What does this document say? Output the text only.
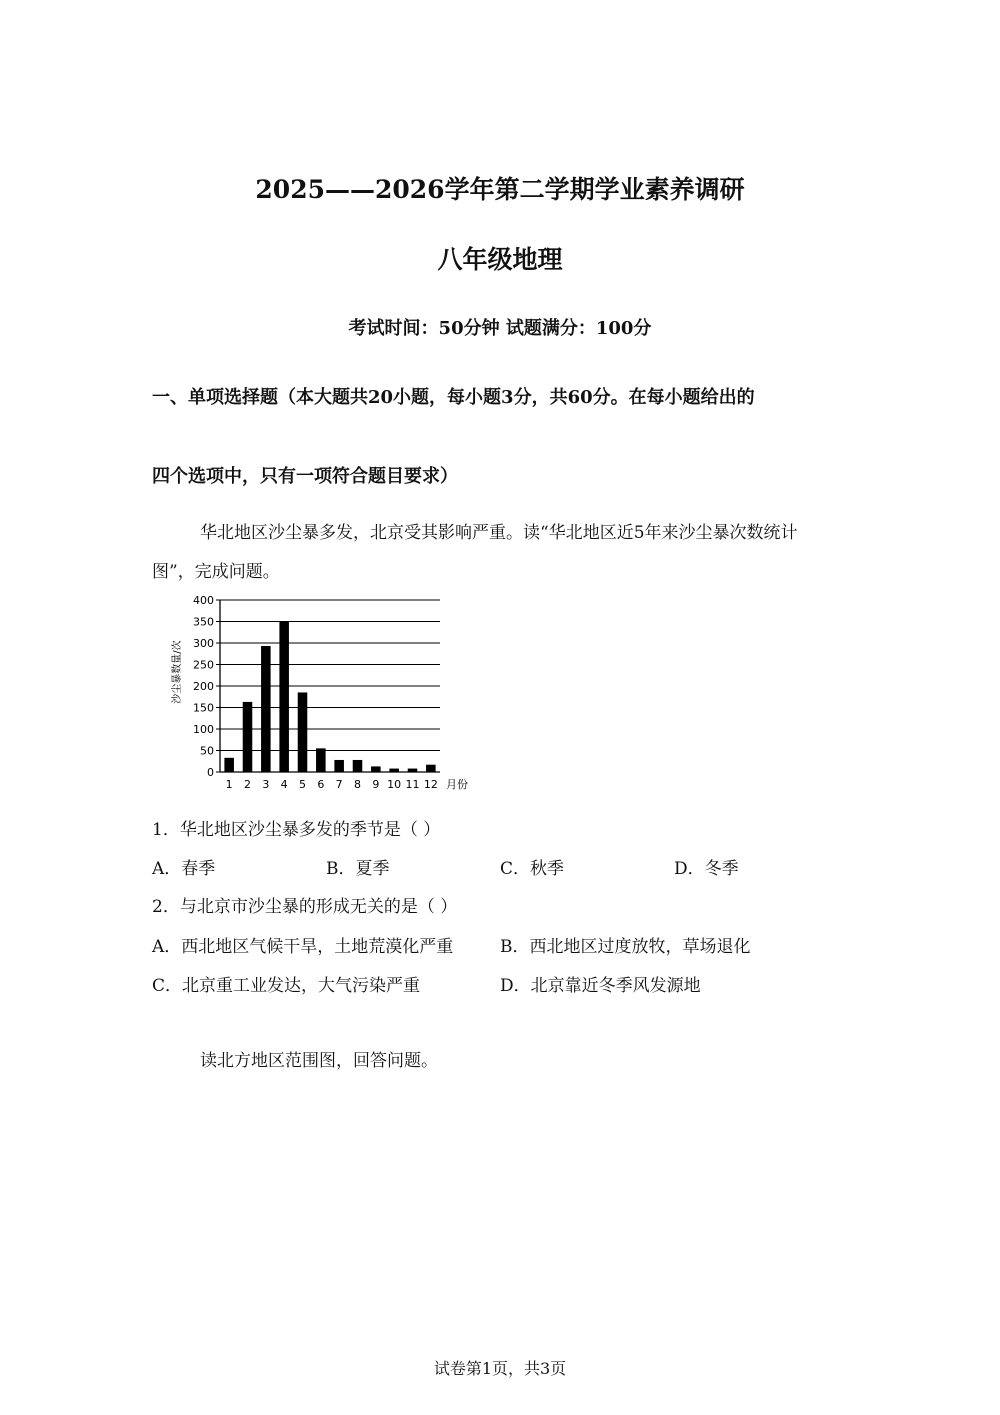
2025——2026学年第二学期学业素养调研
八年级地理
考试时间：50分钟 试题满分：100分
一、单项选择题（本大题共20小题，每小题3分，共60分。在每小题给出的
四个选项中，只有一项符合题目要求）
华北地区沙尘暴多发，北京受其影响严重。读“华北地区近5年来沙尘暴次数统计
图”，完成问题。
0
50
100
150
200
250
300
350
400
1 2 3 4 5 6 7 8 9 10 11 12
沙尘暴数量/次
月份
1．华北地区沙尘暴多发的季节是（ ）
A．春季	B．夏季	C．秋季	D．冬季
2．与北京市沙尘暴的形成无关的是（ ）
A．西北地区气候干旱，土地荒漠化严重	B．西北地区过度放牧，草场退化
C．北京重工业发达，大气污染严重	D．北京靠近冬季风发源地
读北方地区范围图，回答问题。
试卷第1页，共3页
